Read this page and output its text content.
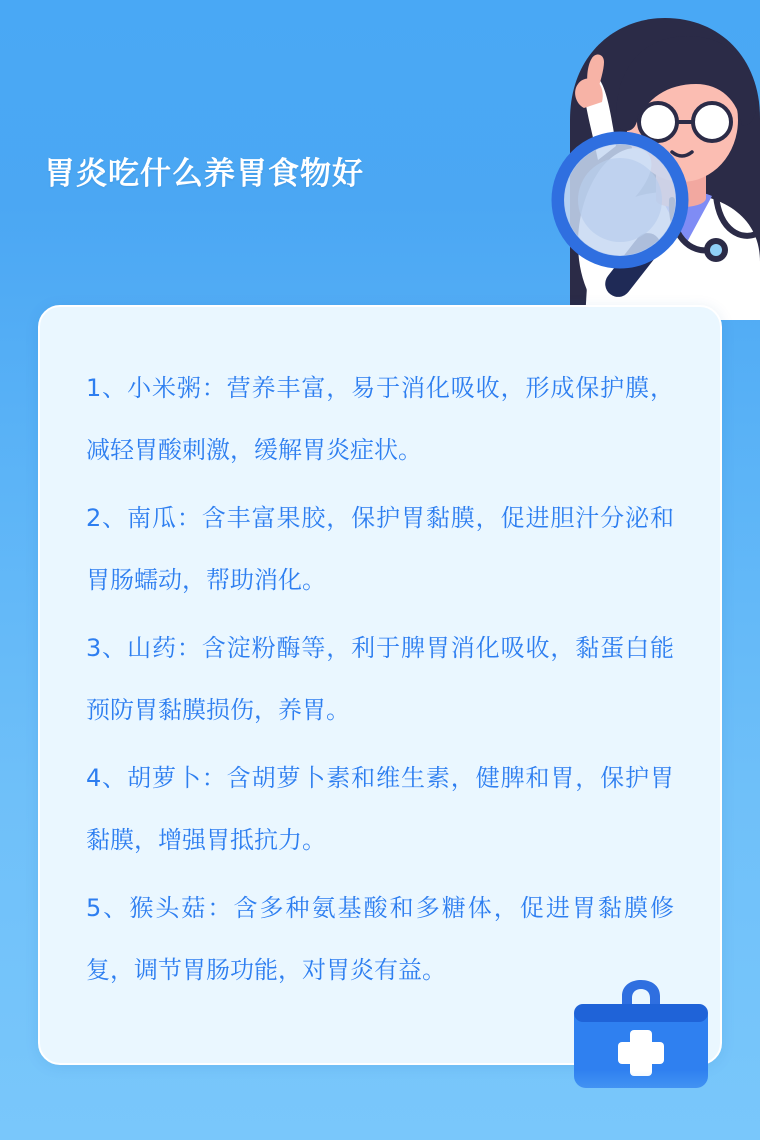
胃炎吃什么养胃食物好

1、小米粥：营养丰富，易于消化吸收，形成保护膜，减轻胃酸刺激，缓解胃炎症状。

2、南瓜：含丰富果胶，保护胃黏膜，促进胆汁分泌和胃肠蠕动，帮助消化。

3、山药：含淀粉酶等，利于脾胃消化吸收，黏蛋白能预防胃黏膜损伤，养胃。

4、胡萝卜：含胡萝卜素和维生素，健脾和胃，保护胃黏膜，增强胃抵抗力。

5、猴头菇：含多种氨基酸和多糖体，促进胃黏膜修复，调节胃肠功能，对胃炎有益。
